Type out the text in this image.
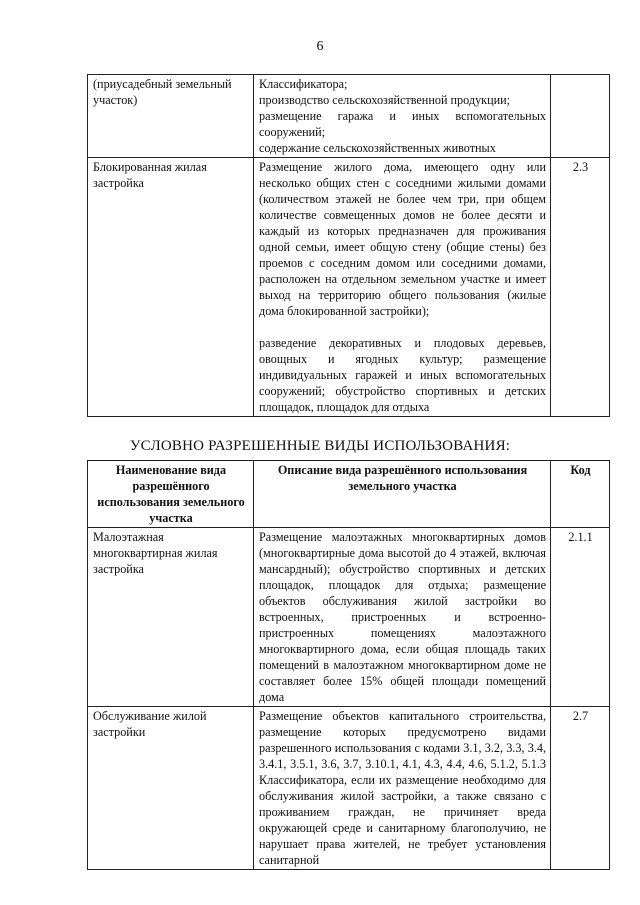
6
(приусадебный земельный участок)	Классификатора;

производство сельскохозяйственной продукции;

размещение гаража и иных вспомогательных сооружений;

содержание сельскохозяйственных животных	

Блокированная жилая застройка	Размещение жилого дома, имеющего одну или несколько общих стен с соседними жилыми домами (количеством этажей не более чем три, при общем количестве совмещенных домов не более десяти и каждый из которых предназначен для проживания одной семьи, имеет общую стену (общие стены) без проемов с соседним домом или соседними домами, расположен на отдельном земельном участке и имеет выход на территорию общего пользования (жилые дома блокированной застройки);

разведение декоративных и плодовых деревьев, овощных и ягодных культур; размещение индивидуальных гаражей и иных вспомогательных сооружений; обустройство спортивных и детских площадок, площадок для отдыха	2.3
УСЛОВНО РАЗРЕШЕННЫЕ ВИДЫ ИСПОЛЬЗОВАНИЯ:
Наименование вида разрешённого использования земельного участка	Описание вида разрешённого использования земельного участка	Код
Малоэтажная многоквартирная жилая застройка	Размещение малоэтажных многоквартирных домов (многоквартирные дома высотой до 4 этажей, включая мансардный); обустройство спортивных и детских площадок, площадок для отдыха; размещение объектов обслуживания жилой застройки во встроенных, пристроенных и встроенно-пристроенных помещениях малоэтажного многоквартирного дома, если общая площадь таких помещений в малоэтажном многоквартирном доме не составляет более 15% общей площади помещений дома	2.1.1
Обслуживание жилой застройки	Размещение объектов капитального строительства, размещение которых предусмотрено видами разрешенного использования с кодами 3.1, 3.2, 3.3, 3.4, 3.4.1, 3.5.1, 3.6, 3.7, 3.10.1, 4.1, 4.3, 4.4, 4.6, 5.1.2, 5.1.3 Классификатора, если их размещение необходимо для обслуживания жилой застройки, а также связано с проживанием граждан, не причиняет вреда окружающей среде и санитарному благополучию, не нарушает права жителей, не требует установления санитарной	2.7
